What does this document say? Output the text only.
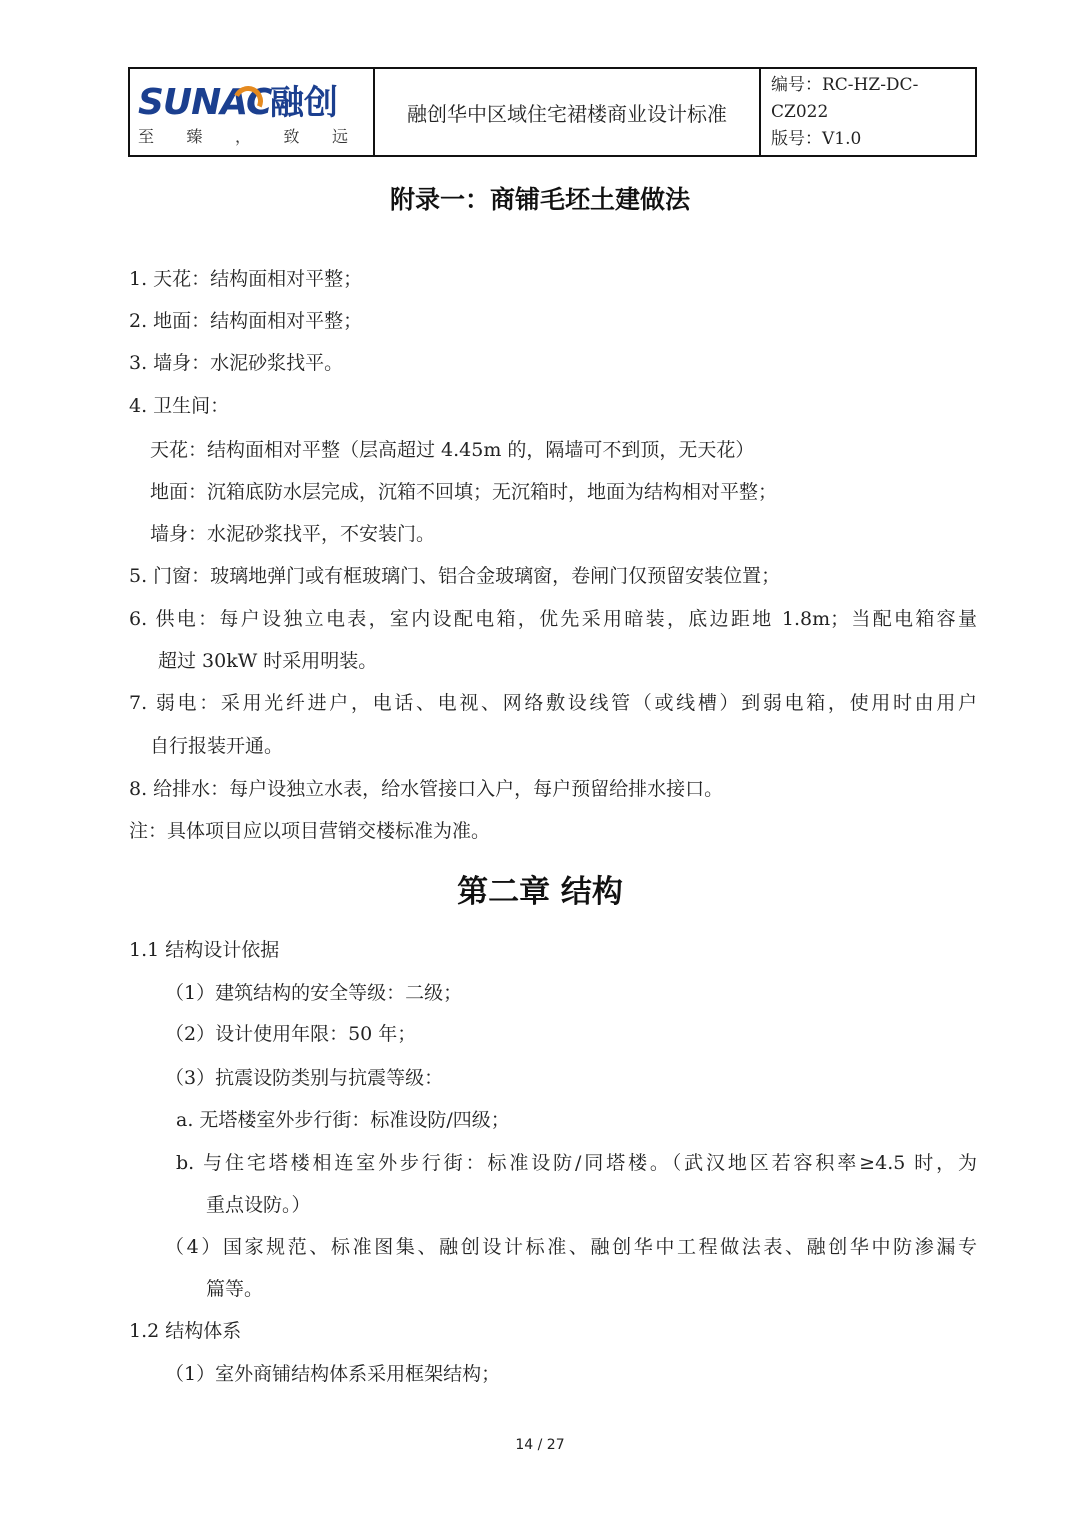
SUNAC
融创
至 臻 ， 致 远
融创华中区域住宅裙楼商业设计标准
编号：RC-HZ-DC-CZ022
版号：V1.0
附录一：商铺毛坯土建做法
1. 天花：结构面相对平整；
2. 地面：结构面相对平整；
3. 墙身：水泥砂浆找平。
4. 卫生间：
天花：结构面相对平整（层高超过 4.45m 的，隔墙可不到顶，无天花）
地面：沉箱底防水层完成，沉箱不回填；无沉箱时，地面为结构相对平整；
墙身：水泥砂浆找平，不安装门。
5. 门窗：玻璃地弹门或有框玻璃门、铝合金玻璃窗，卷闸门仅预留安装位置；
6. 供电：每户设独立电表，室内设配电箱，优先采用暗装，底边距地 1.8m；当配电箱容量
超过 30kW 时采用明装。
7. 弱电：采用光纤进户，电话、电视、网络敷设线管（或线槽）到弱电箱，使用时由用户
自行报装开通。
8. 给排水：每户设独立水表，给水管接口入户，每户预留给排水接口。
注：具体项目应以项目营销交楼标准为准。
第二章 结构
1.1 结构设计依据
（1）建筑结构的安全等级：二级；
（2）设计使用年限：50 年；
（3）抗震设防类别与抗震等级：
a. 无塔楼室外步行街：标准设防/四级；
b. 与住宅塔楼相连室外步行街：标准设防/同塔楼。（武汉地区若容积率≥4.5 时，为
重点设防。）
（4）国家规范、标准图集、融创设计标准、融创华中工程做法表、融创华中防渗漏专
篇等。
1.2 结构体系
（1）室外商铺结构体系采用框架结构；
14 / 27
